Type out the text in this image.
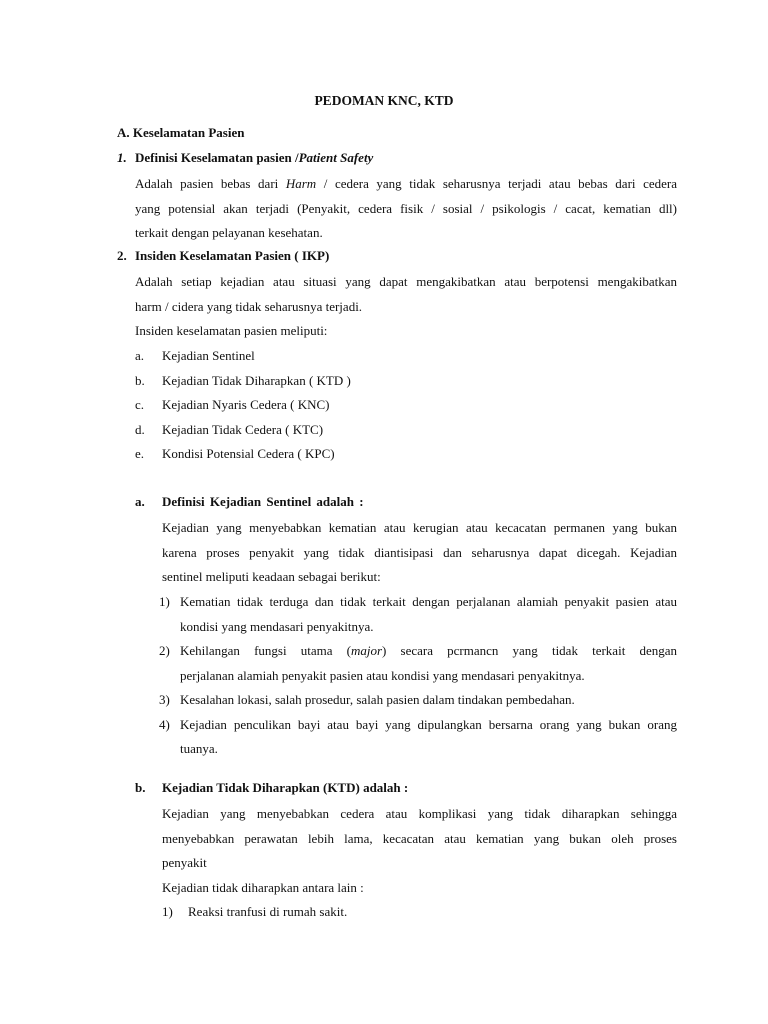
PEDOMAN KNC, KTD
A. Keselamatan Pasien
1. Definisi Keselamatan pasien /Patient Safety
Adalah pasien bebas dari Harm / cedera yang tidak seharusnya terjadi atau bebas dari cedera
yang potensial akan terjadi (Penyakit, cedera fisik / sosial / psikologis / cacat, kematian dll)
terkait dengan pelayanan kesehatan.
2. Insiden Keselamatan Pasien ( IKP)
Adalah setiap kejadian atau situasi yang dapat mengakibatkan atau berpotensi mengakibatkan
harm / cidera yang tidak seharusnya terjadi.
Insiden keselamatan pasien meliputi:
a. Kejadian Sentinel
b. Kejadian Tidak Diharapkan ( KTD )
c. Kejadian Nyaris Cedera ( KNC)
d. Kejadian Tidak Cedera ( KTC)
e. Kondisi Potensial Cedera ( KPC)
a. Definisi Kejadian Sentinel adalah :
Kejadian yang menyebabkan kematian atau kerugian atau kecacatan permanen yang bukan
karena proses penyakit yang tidak diantisipasi dan seharusnya dapat dicegah. Kejadian
sentinel meliputi keadaan sebagai berikut:
1) Kematian tidak terduga dan tidak terkait dengan perjalanan alamiah penyakit pasien atau
kondisi yang mendasari penyakitnya.
2) Kehilangan fungsi utama (major) secara pcrmancn yang tidak terkait dengan
perjalanan alamiah penyakit pasien atau kondisi yang mendasari penyakitnya.
3) Kesalahan lokasi, salah prosedur, salah pasien dalam tindakan pembedahan.
4) Kejadian penculikan bayi atau bayi yang dipulangkan bersarna orang yang bukan orang
tuanya.
b. Kejadian Tidak Diharapkan (KTD) adalah :
Kejadian yang menyebabkan cedera atau komplikasi yang tidak diharapkan sehingga
menyebabkan perawatan lebih lama, kecacatan atau kematian yang bukan oleh proses
penyakit
Kejadian tidak diharapkan antara lain :
1) Reaksi tranfusi di rumah sakit.
